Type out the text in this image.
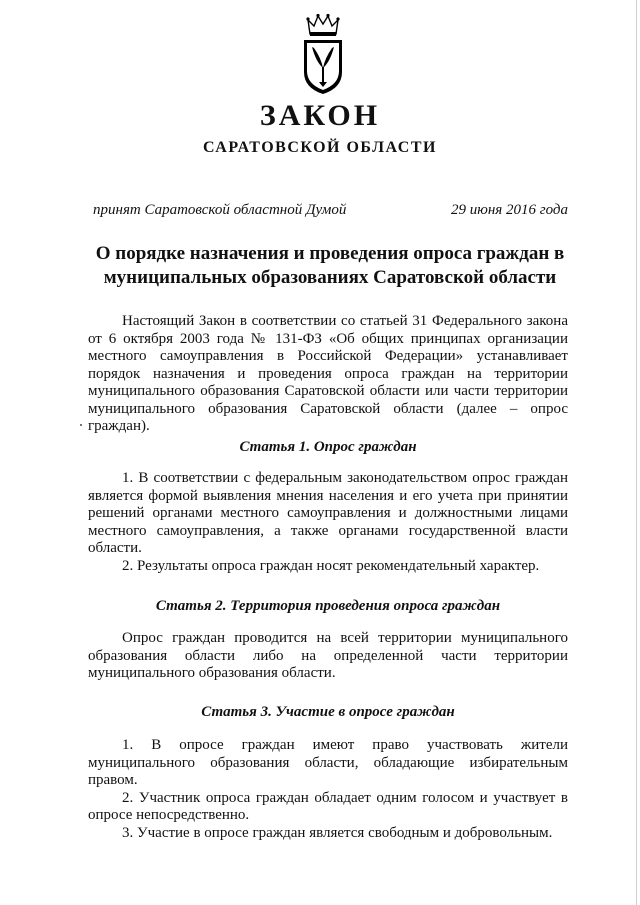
ЗАКОН
САРАТОВСКОЙ ОБЛАСТИ
принят Саратовской областной Думой	29 июня 2016 года
О порядке назначения и проведения опроса граждан в муниципальных образованиях Саратовской области

Настоящий Закон в соответствии со статьей 31 Федерального закона от 6 октября 2003 года № 131-ФЗ «Об общих принципах организации местного самоуправления в Российской Федерации» устанавливает порядок назначения и проведения опроса граждан на территории муниципального образования Саратовской области или части территории муниципального образования Саратовской области (далее – опрос граждан).

Статья 1. Опрос граждан

1. В соответствии с федеральным законодательством опрос граждан является формой выявления мнения населения и его учета при принятии решений органами местного самоуправления и должностными лицами местного самоуправления, а также органами государственной власти области.

2. Результаты опроса граждан носят рекомендательный характер.

Статья 2. Территория проведения опроса граждан

Опрос граждан проводится на всей территории муниципального образования области либо на определенной части территории муниципального образования области.

Статья 3. Участие в опросе граждан

1. В опросе граждан имеют право участвовать жители муниципального образования области, обладающие избирательным правом.

2. Участник опроса граждан обладает одним голосом и участвует в опросе непосредственно.

3. Участие в опросе граждан является свободным и добровольным.
